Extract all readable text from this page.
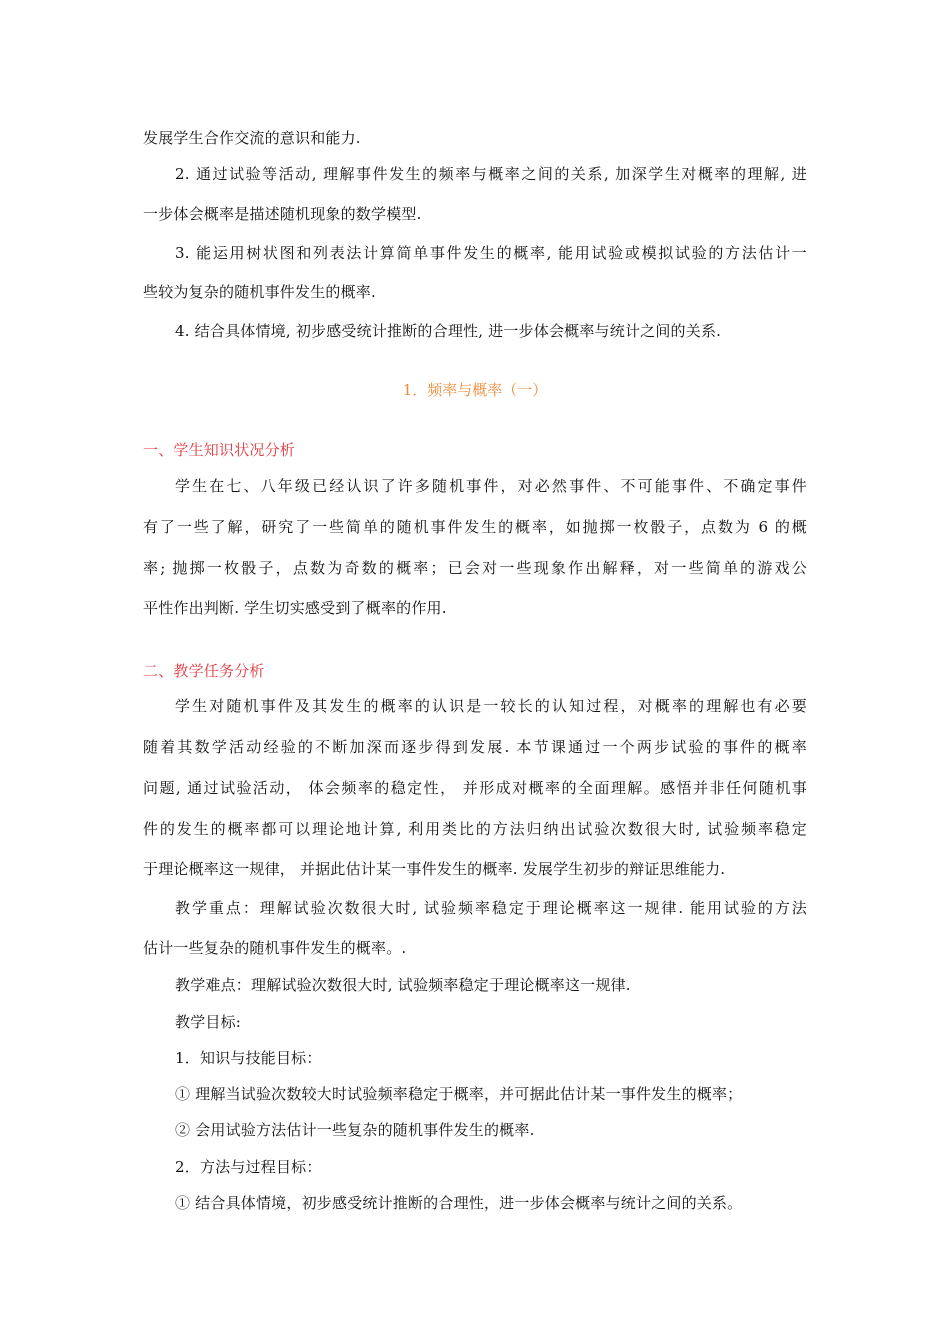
发展学生合作交流的意识和能力.
2. 通过试验等活动, 理解事件发生的频率与概率之间的关系, 加深学生对概率的理解, 进
一步体会概率是描述随机现象的数学模型.
3. 能运用树状图和列表法计算简单事件发生的概率, 能用试验或模拟试验的方法估计一
些较为复杂的随机事件发生的概率.
4. 结合具体情境, 初步感受统计推断的合理性, 进一步体会概率与统计之间的关系.
1．频率与概率（一）
一、学生知识状况分析
学生在七、八年级已经认识了许多随机事件，对必然事件、不可能事件、不确定事件
有了一些了解，研究了一些简单的随机事件发生的概率，如抛掷一枚骰子，点数为 6 的概
率; 抛掷一枚骰子，点数为奇数的概率；已会对一些现象作出解释，对一些简单的游戏公
平性作出判断. 学生切实感受到了概率的作用.
二、教学任务分析
学生对随机事件及其发生的概率的认识是一较长的认知过程，对概率的理解也有必要
随着其数学活动经验的不断加深而逐步得到发展. 本节课通过一个两步试验的事件的概率
问题, 通过试验活动， 体会频率的稳定性， 并形成对概率的全面理解。感悟并非任何随机事
件的发生的概率都可以理论地计算, 利用类比的方法归纳出试验次数很大时, 试验频率稳定
于理论概率这一规律， 并据此估计某一事件发生的概率. 发展学生初步的辩证思维能力.
教学重点：理解试验次数很大时, 试验频率稳定于理论概率这一规律. 能用试验的方法
估计一些复杂的随机事件发生的概率。.
教学难点：理解试验次数很大时, 试验频率稳定于理论概率这一规律.
教学目标:
1．知识与技能目标：
① 理解当试验次数较大时试验频率稳定于概率，并可据此估计某一事件发生的概率；
② 会用试验方法估计一些复杂的随机事件发生的概率.
2．方法与过程目标：
① 结合具体情境，初步感受统计推断的合理性，进一步体会概率与统计之间的关系。
